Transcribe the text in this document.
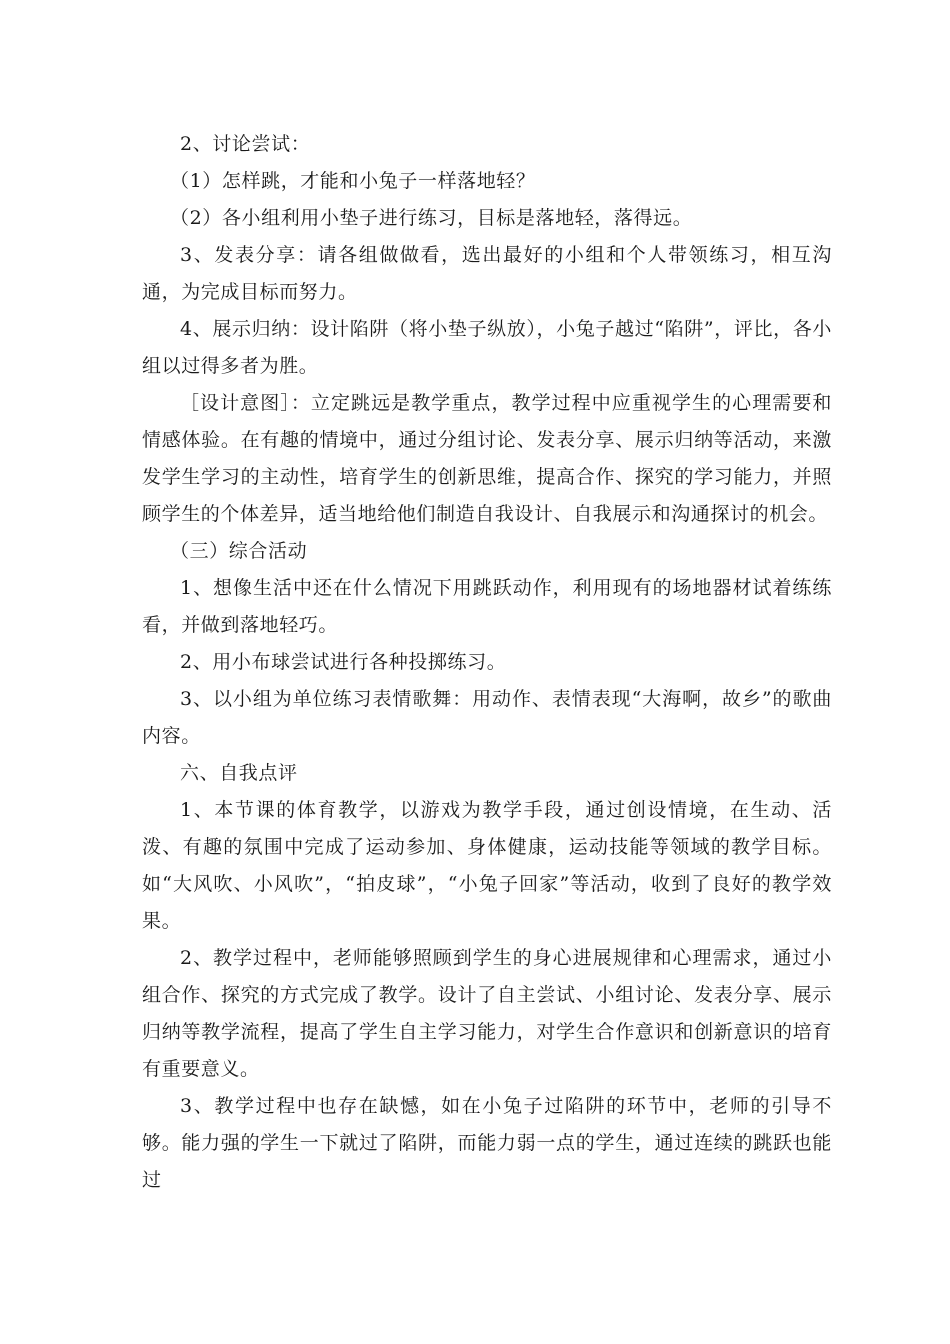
2、讨论尝试：

（1）怎样跳，才能和小兔子一样落地轻？

（2）各小组利用小垫子进行练习，目标是落地轻，落得远。

3、发表分享：请各组做做看，选出最好的小组和个人带领练习，相互沟通，为完成目标而努力。

4、展示归纳：设计陷阱（将小垫子纵放），小兔子越过“陷阱”，评比，各小组以过得多者为胜。

［设计意图］：立定跳远是教学重点，教学过程中应重视学生的心理需要和情感体验。在有趣的情境中，通过分组讨论、发表分享、展示归纳等活动，来激发学生学习的主动性，培育学生的创新思维，提高合作、探究的学习能力，并照顾学生的个体差异，适当地给他们制造自我设计、自我展示和沟通探讨的机会。

（三）综合活动

1、想像生活中还在什么情况下用跳跃动作，利用现有的场地器材试着练练看，并做到落地轻巧。

2、用小布球尝试进行各种投掷练习。

3、以小组为单位练习表情歌舞：用动作、表情表现“大海啊，故乡”的歌曲内容。

六、自我点评

1、本节课的体育教学，以游戏为教学手段，通过创设情境，在生动、活泼、有趣的氛围中完成了运动参加、身体健康，运动技能等领域的教学目标。如“大风吹、小风吹”，“拍皮球”，“小兔子回家”等活动，收到了良好的教学效果。

2、教学过程中，老师能够照顾到学生的身心进展规律和心理需求，通过小组合作、探究的方式完成了教学。设计了自主尝试、小组讨论、发表分享、展示归纳等教学流程，提高了学生自主学习能力，对学生合作意识和创新意识的培育有重要意义。

3、教学过程中也存在缺憾，如在小兔子过陷阱的环节中，老师的引导不够。能力强的学生一下就过了陷阱，而能力弱一点的学生，通过连续的跳跃也能过
